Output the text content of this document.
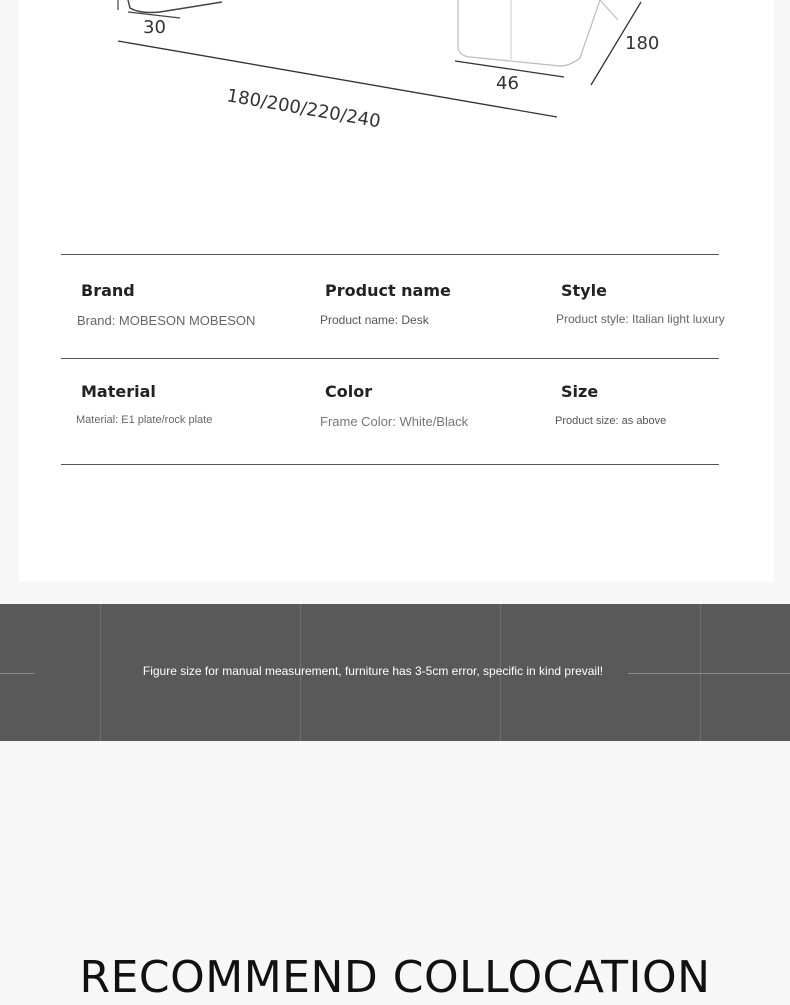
30
180/200/220/240
46
180
Brand
Brand: MOBESON MOBESON
Product name
Product name: Desk
Style
Product style: Italian light luxury
Material
Material: E1 plate/rock plate
Color
Frame Color: White/Black
Size
Product size: as above
Figure size for manual measurement, furniture has 3-5cm error, specific in kind prevail!
RECOMMEND COLLOCATION
